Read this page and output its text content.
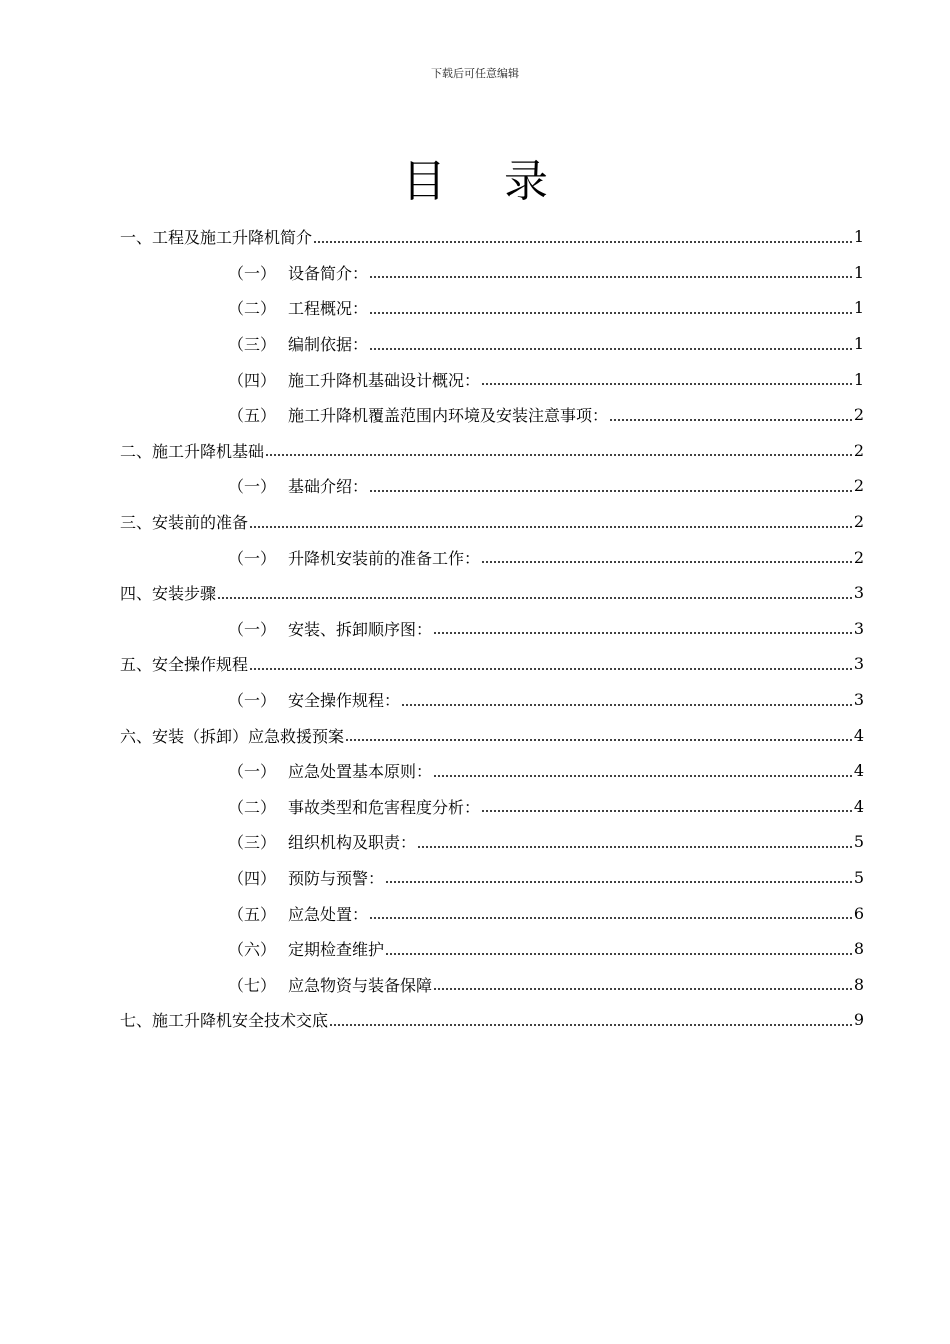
下载后可任意编辑
目 录
一、工程及施工升降机简介	1
（一） 设备简介：	1
（二） 工程概况：	1
（三） 编制依据：	1
（四） 施工升降机基础设计概况：	1
（五） 施工升降机覆盖范围内环境及安装注意事项：	2
二、施工升降机基础	2
（一） 基础介绍：	2
三、安装前的准备	2
（一） 升降机安装前的准备工作：	2
四、安装步骤	3
（一） 安装、拆卸顺序图：	3
五、安全操作规程	3
（一） 安全操作规程：	3
六、安装（拆卸）应急救援预案	4
（一） 应急处置基本原则：	4
（二） 事故类型和危害程度分析：	4
（三） 组织机构及职责：	5
（四） 预防与预警：	5
（五） 应急处置：	6
（六） 定期检查维护	8
（七） 应急物资与装备保障	8
七、施工升降机安全技术交底	9
